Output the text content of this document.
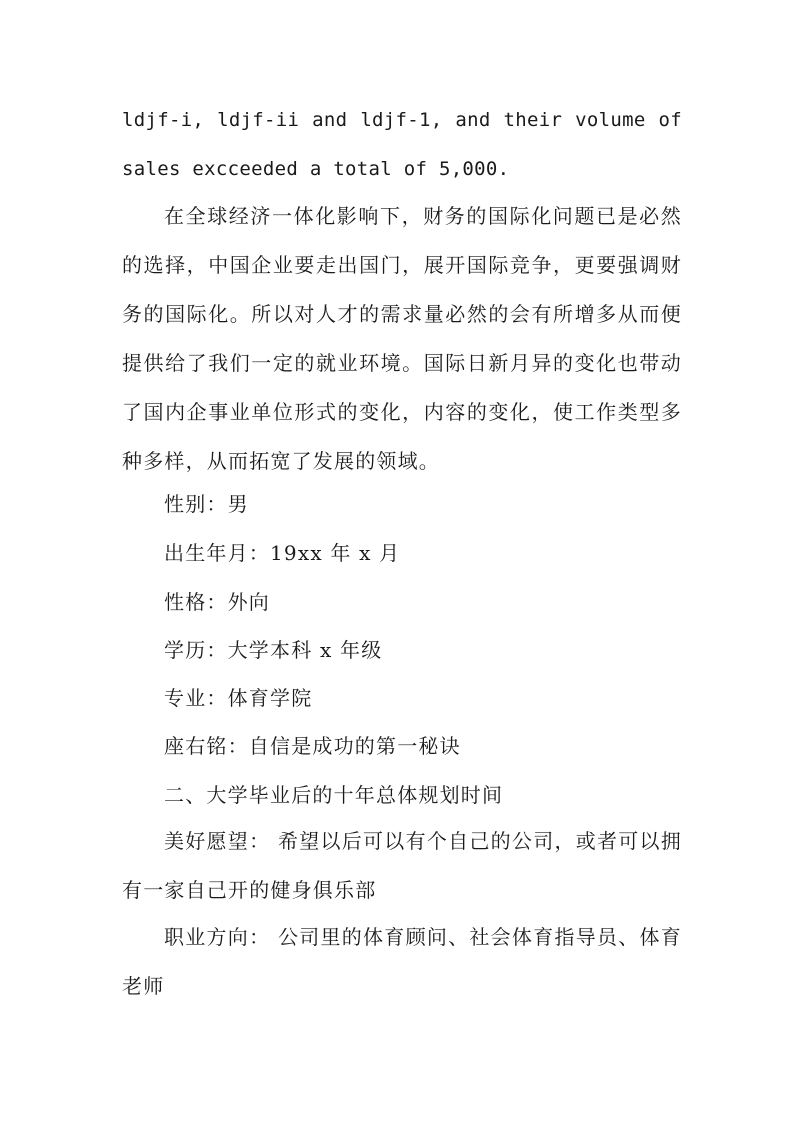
ldjf-i, ldjf-ii and ldjf-1, and their volume of sales excceeded a total of 5,000.

在全球经济一体化影响下，财务的国际化问题已是必然的选择，中国企业要走出国门，展开国际竞争，更要强调财务的国际化。所以对人才的需求量必然的会有所增多从而便提供给了我们一定的就业环境。国际日新月异的变化也带动了国内企事业单位形式的变化，内容的变化，使工作类型多种多样，从而拓宽了发展的领域。

性别：男
出生年月：19xx 年 x 月
性格：外向
学历：大学本科 x 年级
专业：体育学院
座右铭：自信是成功的第一秘诀
二、大学毕业后的十年总体规划时间

美好愿望： 希望以后可以有个自己的公司，或者可以拥有一家自己开的健身俱乐部

职业方向： 公司里的体育顾问、社会体育指导员、体育老师
